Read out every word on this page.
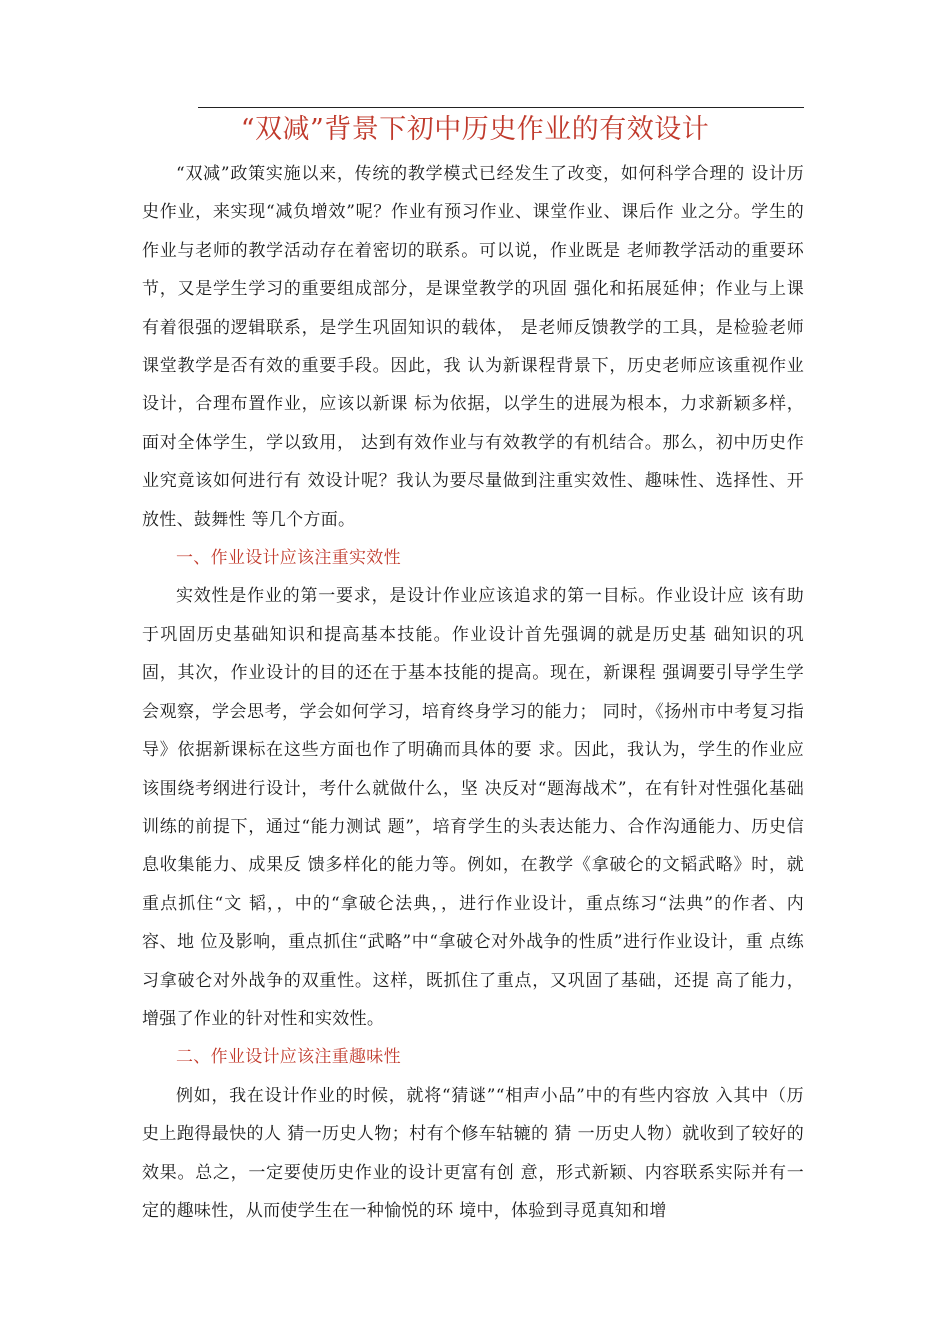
“双减”背景下初中历史作业的有效设计

“双减”政策实施以来，传统的教学模式已经发生了改变，如何科学合理的 设计历史作业，来实现“减负增效”呢？作业有预习作业、课堂作业、课后作 业之分。学生的作业与老师的教学活动存在着密切的联系。可以说，作业既是 老师教学活动的重要环节，又是学生学习的重要组成部分，是课堂教学的巩固 强化和拓展延伸；作业与上课有着很强的逻辑联系，是学生巩固知识的载体， 是老师反馈教学的工具，是检验老师课堂教学是否有效的重要手段。因此，我 认为新课程背景下，历史老师应该重视作业设计，合理布置作业，应该以新课 标为依据，以学生的进展为根本，力求新颖多样，面对全体学生，学以致用， 达到有效作业与有效教学的有机结合。那么，初中历史作业究竟该如何进行有 效设计呢？我认为要尽量做到注重实效性、趣味性、选择性、开放性、鼓舞性 等几个方面。

一、作业设计应该注重实效性

实效性是作业的第一要求，是设计作业应该追求的第一目标。作业设计应 该有助于巩固历史基础知识和提高基本技能。作业设计首先强调的就是历史基 础知识的巩固，其次，作业设计的目的还在于基本技能的提高。现在，新课程 强调要引导学生学会观察，学会思考，学会如何学习，培育终身学习的能力； 同时，《扬州市中考复习指导》依据新课标在这些方面也作了明确而具体的要 求。因此，我认为，学生的作业应该围绕考纲进行设计，考什么就做什么，坚 决反对“题海战术”，在有针对性强化基础训练的前提下，通过“能力测试 题”，培育学生的头表达能力、合作沟通能力、历史信息收集能力、成果反 馈多样化的能力等。例如，在教学《拿破仑的文韬武略》时，就重点抓住“文 韬，，中的“拿破仑法典，，进行作业设计，重点练习“法典”的作者、内容、地 位及影响，重点抓住“武略”中“拿破仑对外战争的性质”进行作业设计，重 点练习拿破仑对外战争的双重性。这样，既抓住了重点，又巩固了基础，还提 高了能力，增强了作业的针对性和实效性。

二、作业设计应该注重趣味性

例如，我在设计作业的时候，就将“猜谜”“相声小品”中的有些内容放 入其中（历史上跑得最快的人 猜一历史人物；村有个修车轱辘的 猜 一历史人物）就收到了较好的效果。总之，一定要使历史作业的设计更富有创 意，形式新颖、内容联系实际并有一定的趣味性，从而使学生在一种愉悦的环 境中，体验到寻觅真知和增
